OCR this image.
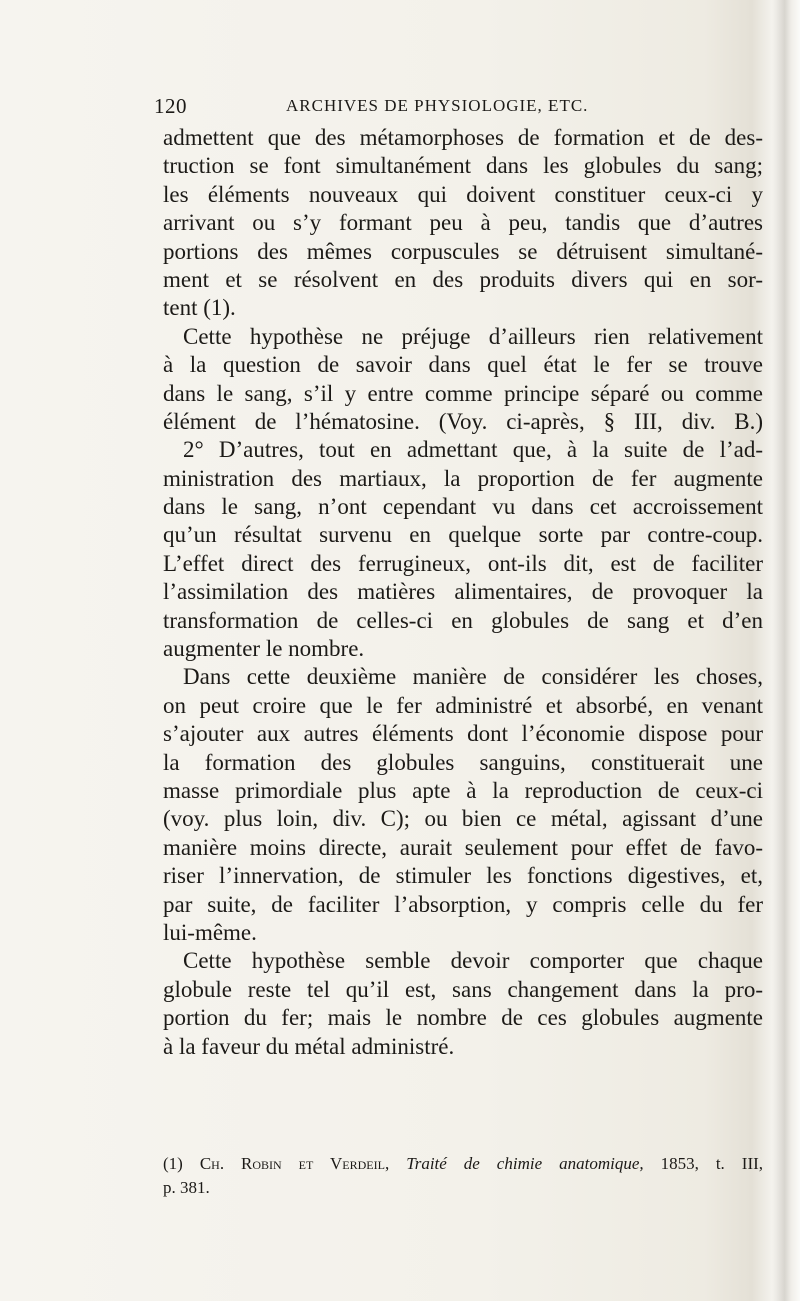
120	ARCHIVES DE PHYSIOLOGIE, ETC.
admettent que des métamorphoses de formation et de des-
truction se font simultanément dans les globules du sang;
les éléments nouveaux qui doivent constituer ceux-ci y
arrivant ou s’y formant peu à peu, tandis que d’autres
portions des mêmes corpuscules se détruisent simultané-
ment et se résolvent en des produits divers qui en sor-
tent (1).
Cette hypothèse ne préjuge d’ailleurs rien relativement
à la question de savoir dans quel état le fer se trouve
dans le sang, s’il y entre comme principe séparé ou comme
élément de l’hématosine. (Voy. ci-après, § III, div. B.)
2° D’autres, tout en admettant que, à la suite de l’ad-
ministration des martiaux, la proportion de fer augmente
dans le sang, n’ont cependant vu dans cet accroissement
qu’un résultat survenu en quelque sorte par contre-coup.
L’effet direct des ferrugineux, ont-ils dit, est de faciliter
l’assimilation des matières alimentaires, de provoquer la
transformation de celles-ci en globules de sang et d’en
augmenter le nombre.
Dans cette deuxième manière de considérer les choses,
on peut croire que le fer administré et absorbé, en venant
s’ajouter aux autres éléments dont l’économie dispose pour
la formation des globules sanguins, constituerait une
masse primordiale plus apte à la reproduction de ceux-ci
(voy. plus loin, div. C); ou bien ce métal, agissant d’une
manière moins directe, aurait seulement pour effet de favo-
riser l’innervation, de stimuler les fonctions digestives, et,
par suite, de faciliter l’absorption, y compris celle du fer
lui-même.
Cette hypothèse semble devoir comporter que chaque
globule reste tel qu’il est, sans changement dans la pro-
portion du fer; mais le nombre de ces globules augmente
à la faveur du métal administré.
(1) Ch. Robin et Verdeil, Traité de chimie anatomique, 1853, t. III,
p. 381.
